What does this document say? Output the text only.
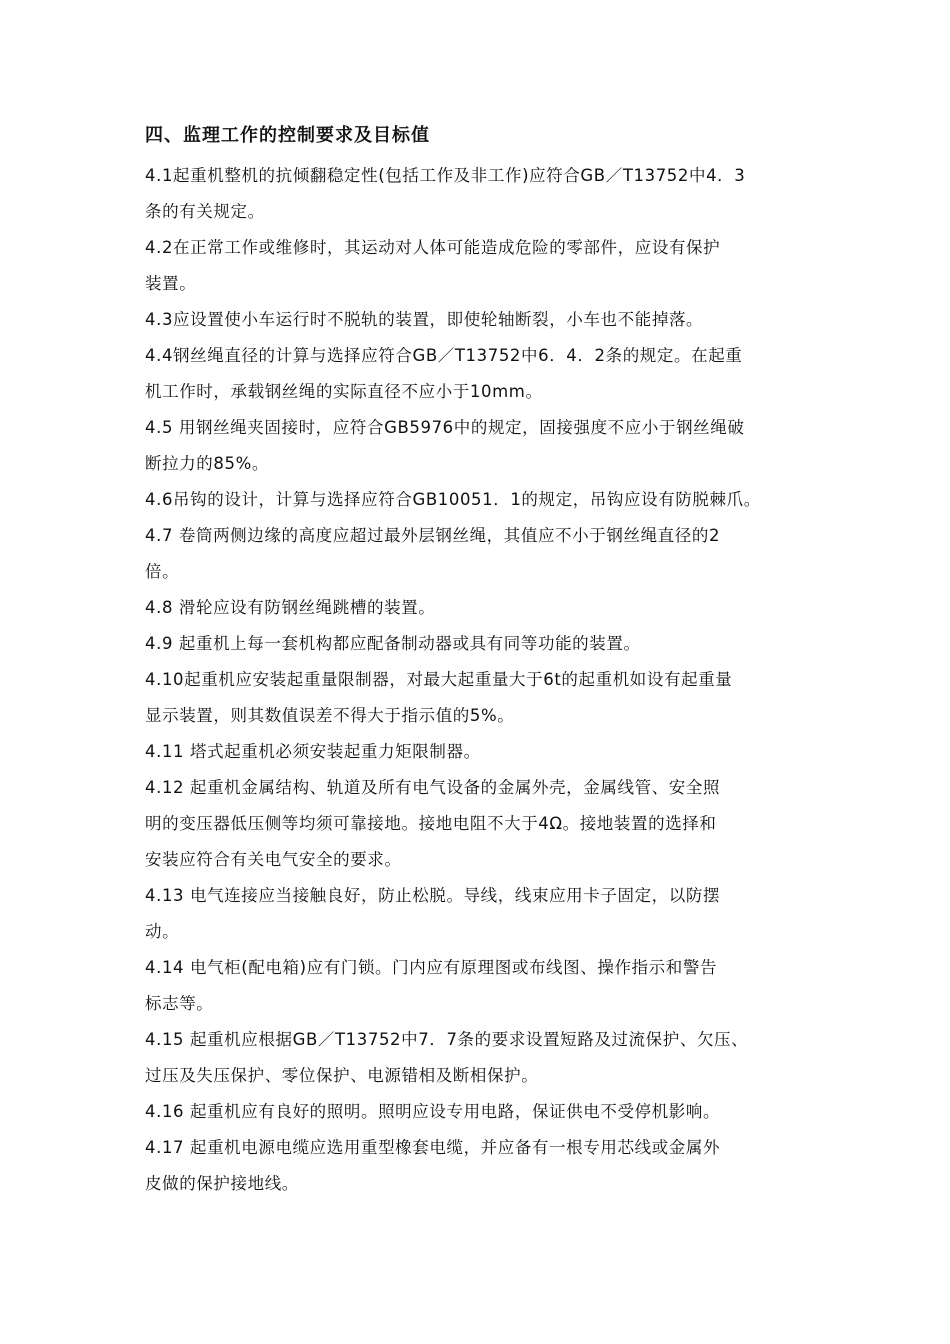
四、监理工作的控制要求及目标值
4.1起重机整机的抗倾翻稳定性(包括工作及非工作)应符合GB／T13752中4．3
条的有关规定。
4.2在正常工作或维修时，其运动对人体可能造成危险的零部件，应设有保护
装置。
4.3应设置使小车运行时不脱轨的装置，即使轮轴断裂，小车也不能掉落。
4.4钢丝绳直径的计算与选择应符合GB／T13752中6．4．2条的规定。在起重
机工作时，承载钢丝绳的实际直径不应小于10mm。
4.5 用钢丝绳夹固接时，应符合GB5976中的规定，固接强度不应小于钢丝绳破
断拉力的85%。
4.6吊钩的设计，计算与选择应符合GB10051．1的规定，吊钩应设有防脱棘爪。
4.7 卷筒两侧边缘的高度应超过最外层钢丝绳，其值应不小于钢丝绳直径的2
倍。
4.8 滑轮应设有防钢丝绳跳槽的装置。
4.9 起重机上每一套机构都应配备制动器或具有同等功能的装置。
4.10起重机应安装起重量限制器，对最大起重量大于6t的起重机如设有起重量
显示装置，则其数值误差不得大于指示值的5%。
4.11 塔式起重机必须安装起重力矩限制器。
4.12 起重机金属结构、轨道及所有电气设备的金属外壳，金属线管、安全照
明的变压器低压侧等均须可靠接地。接地电阻不大于4Ω。接地装置的选择和
安装应符合有关电气安全的要求。
4.13 电气连接应当接触良好，防止松脱。导线，线束应用卡子固定，以防摆
动。
4.14 电气柜(配电箱)应有门锁。门内应有原理图或布线图、操作指示和警告
标志等。
4.15 起重机应根据GB／T13752中7．7条的要求设置短路及过流保护、欠压、
过压及失压保护、零位保护、电源错相及断相保护。
4.16 起重机应有良好的照明。照明应设专用电路，保证供电不受停机影响。
4.17 起重机电源电缆应选用重型橡套电缆，并应备有一根专用芯线或金属外
皮做的保护接地线。
